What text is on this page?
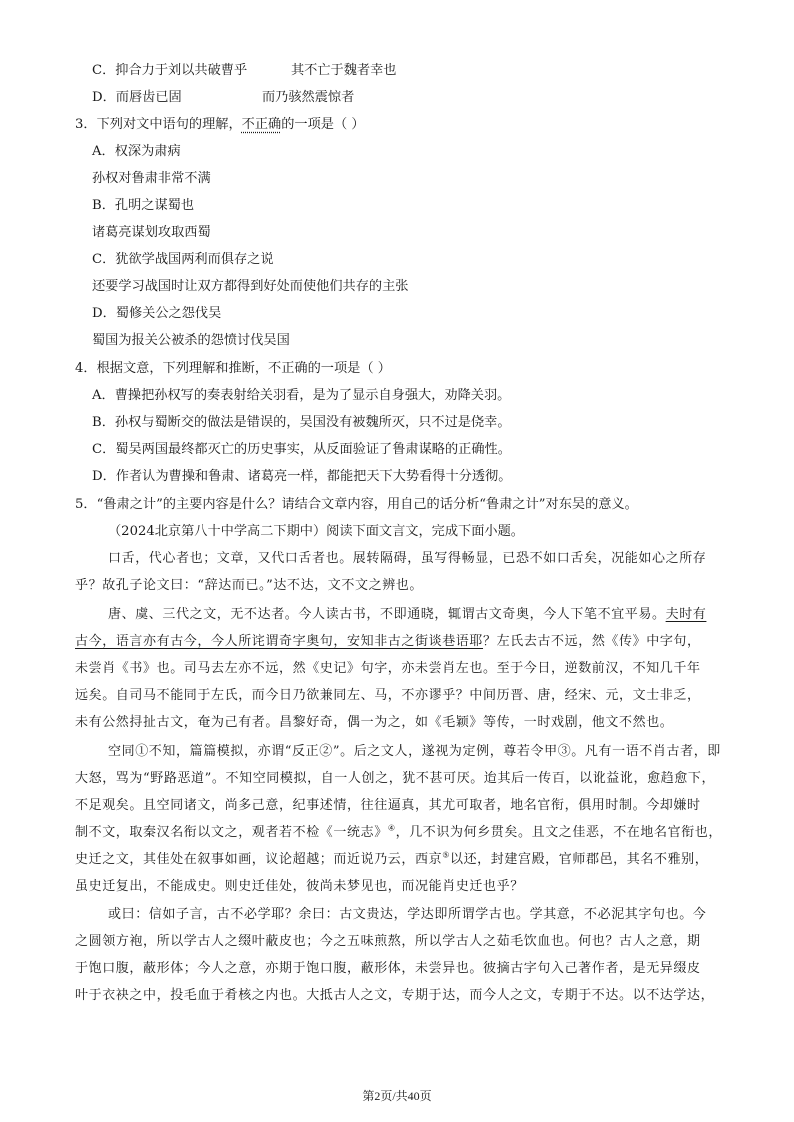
C．抑合力于刘以共破曹乎	其不亡于魏者幸也
D．而唇齿已固	而乃骇然震惊者
3．下列对文中语句的理解，不正确的一项是（ ）
A．权深为肃病
孙权对鲁肃非常不满
B．孔明之谋蜀也
诸葛亮谋划攻取西蜀
C．犹欲学战国两利而俱存之说
还要学习战国时让双方都得到好处而使他们共存的主张
D．蜀修关公之怨伐吴
蜀国为报关公被杀的怨愤讨伐吴国
4．根据文意，下列理解和推断，不正确的一项是（ ）
A．曹操把孙权写的奏表射给关羽看，是为了显示自身强大，劝降关羽。
B．孙权与蜀断交的做法是错误的，吴国没有被魏所灭，只不过是侥幸。
C．蜀吴两国最终都灭亡的历史事实，从反面验证了鲁肃谋略的正确性。
D．作者认为曹操和鲁肃、诸葛亮一样，都能把天下大势看得十分透彻。
5．“鲁肃之计”的主要内容是什么？请结合文章内容，用自己的话分析“鲁肃之计”对东吴的意义。
（2024北京第八十中学高二下期中）阅读下面文言文，完成下面小题。
口舌，代心者也；文章，又代口舌者也。展转隔碍，虽写得畅显，已恐不如口舌矣，况能如心之所存
乎？故孔子论文曰：“辞达而已。”达不达，文不文之辨也。
唐、虞、三代之文，无不达者。今人读古书，不即通晓，辄谓古文奇奥，今人下笔不宜平易。夫时有
古今，语言亦有古今，今人所诧谓奇字奥句，安知非古之街谈巷语耶？左氏去古不远，然《传》中字句，
未尝肖《书》也。司马去左亦不远，然《史记》句字，亦未尝肖左也。至于今日，逆数前汉，不知几千年
远矣。自司马不能同于左氏，而今日乃欲兼同左、马，不亦谬乎？中间历晋、唐，经宋、元，文士非乏，
未有公然挦扯古文，奄为己有者。昌黎好奇，偶一为之，如《毛颖》等传，一时戏剧，他文不然也。
空同①不知，篇篇模拟，亦谓“反正②”。后之文人，遂视为定例，尊若令甲③。凡有一语不肖古者，即
大怒，骂为“野路恶道”。不知空同模拟，自一人创之，犹不甚可厌。迨其后一传百，以讹益讹，愈趋愈下，
不足观矣。且空同诸文，尚多己意，纪事述情，往往逼真，其尤可取者，地名官衔，俱用时制。今却嫌时
制不文，取秦汉名衔以文之，观者若不检《一统志》④，几不识为何乡贯矣。且文之佳恶，不在地名官衔也，
史迁之文，其佳处在叙事如画，议论超越；而近说乃云，西京⑤以还，封建宫殿，官师郡邑，其名不雅别，
虽史迁复出，不能成史。则史迁佳处，彼尚未梦见也，而况能肖史迁也乎？
或曰：信如子言，古不必学耶？余曰：古文贵达，学达即所谓学古也。学其意，不必泥其字句也。今
之圆领方袍，所以学古人之缀叶蔽皮也；今之五味煎熬，所以学古人之茹毛饮血也。何也？古人之意，期
于饱口腹，蔽形体；今人之意，亦期于饱口腹，蔽形体，未尝异也。彼摘古字句入己著作者，是无异缀皮
叶于衣袂之中，投毛血于肴核之内也。大抵古人之文，专期于达，而今人之文，专期于不达。以不达学达，
第2页/共40页
